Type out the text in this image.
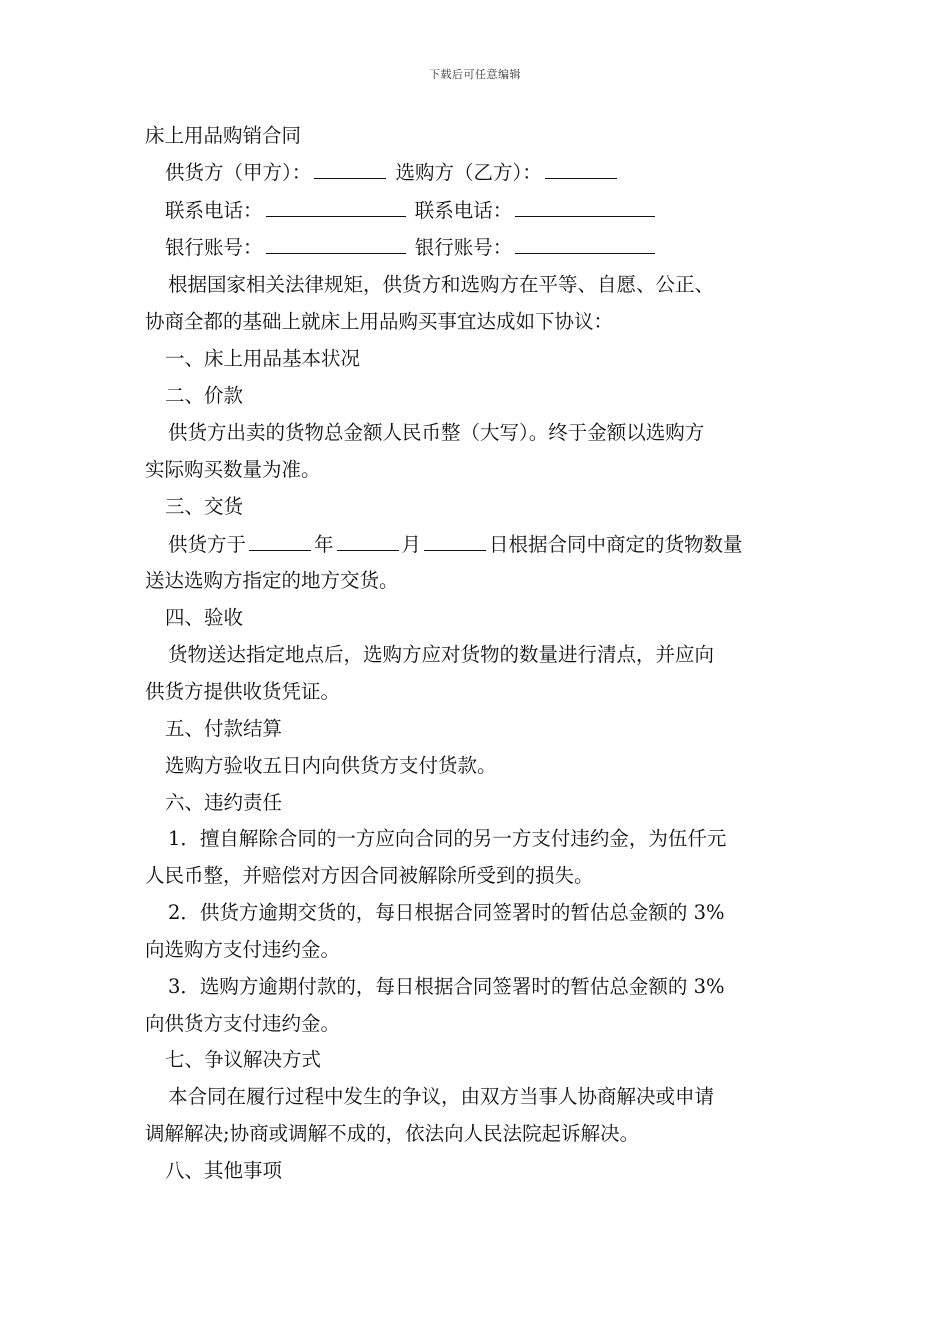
下载后可任意编辑
床上用品购销合同
供货方（甲方）：	选购方（乙方）：
联系电话：	联系电话：
银行账号：	银行账号：
根据国家相关法律规矩，供货方和选购方在平等、自愿、公正、
协商全都的基础上就床上用品购买事宜达成如下协议：
一、床上用品基本状况
二、价款
供货方出卖的货物总金额人民币整（大写）。终于金额以选购方
实际购买数量为准。
三、交货
供货方于	年	月	日根据合同中商定的货物数量
送达选购方指定的地方交货。
四、验收
货物送达指定地点后，选购方应对货物的数量进行清点，并应向
供货方提供收货凭证。
五、付款结算
选购方验收五日内向供货方支付货款。
六、违约责任
1．擅自解除合同的一方应向合同的另一方支付违约金，为伍仟元
人民币整，并赔偿对方因合同被解除所受到的损失。
2．供货方逾期交货的，每日根据合同签署时的暂估总金额的 3%
向选购方支付违约金。
3．选购方逾期付款的，每日根据合同签署时的暂估总金额的 3%
向供货方支付违约金。
七、争议解决方式
本合同在履行过程中发生的争议，由双方当事人协商解决或申请
调解解决;协商或调解不成的，依法向人民法院起诉解决。
八、其他事项
